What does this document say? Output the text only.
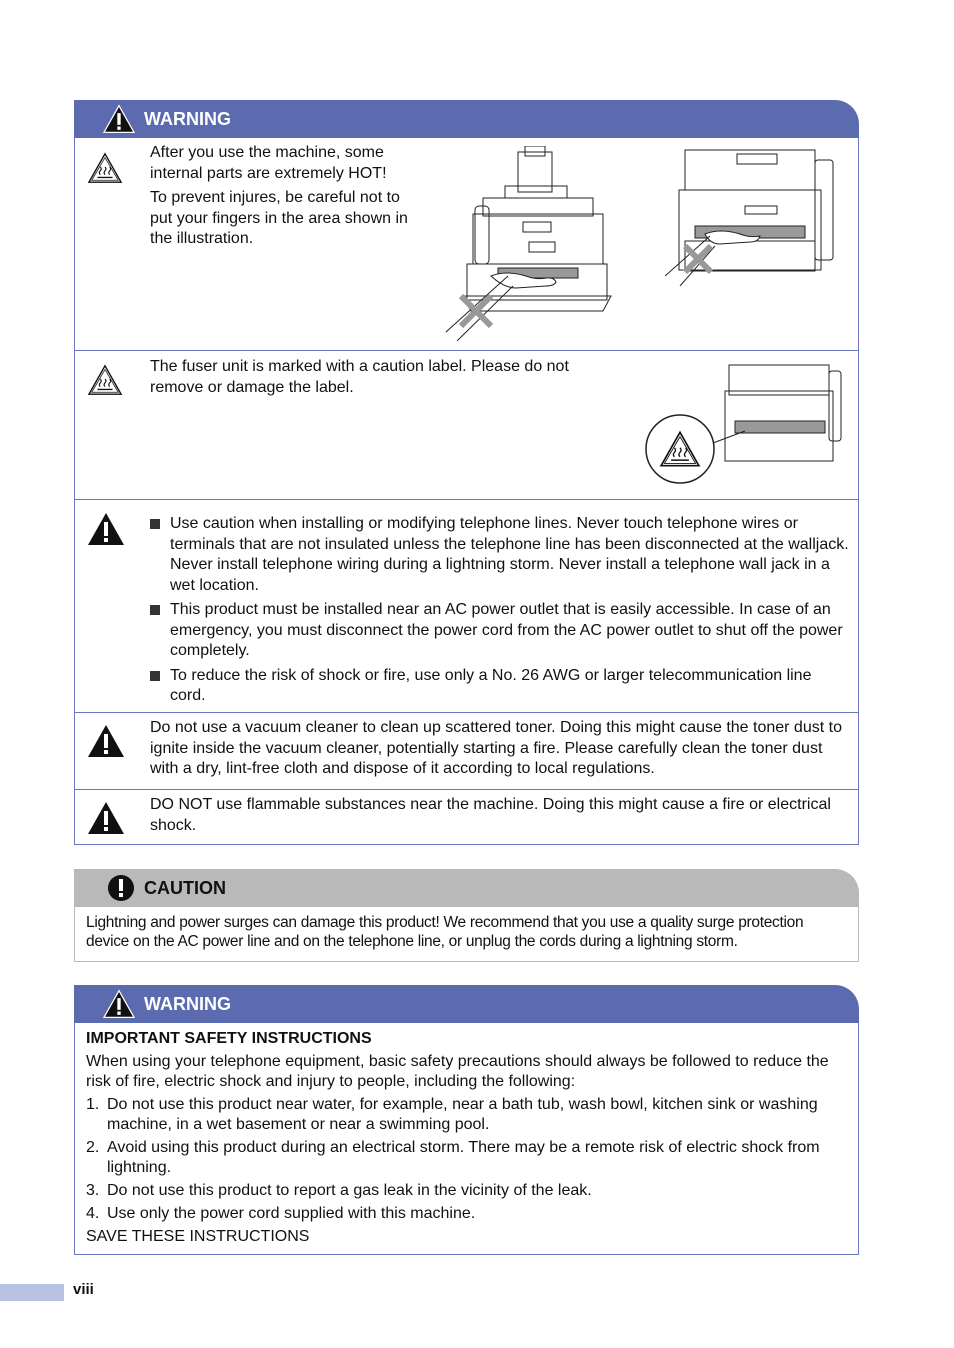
WARNING

After you use the machine, some internal parts are extremely HOT!

To prevent injures, be careful not to put your fingers in the area shown in the illustration.

The fuser unit is marked with a caution label. Please do not remove or damage the label.
Use caution when installing or modifying telephone lines. Never touch telephone wires or terminals that are not insulated unless the telephone line has been disconnected at the walljack. Never install telephone wiring during a lightning storm. Never install a telephone wall jack in a wet location.
This product must be installed near an AC power outlet that is easily accessible. In case of an emergency, you must disconnect the power cord from the AC power outlet to shut off the power completely.
To reduce the risk of shock or fire, use only a No. 26 AWG or larger telecommunication line cord.
Do not use a vacuum cleaner to clean up scattered toner. Doing this might cause the toner dust to ignite inside the vacuum cleaner, potentially starting a fire. Please carefully clean the toner dust with a dry, lint-free cloth and dispose of it according to local regulations.
DO NOT use flammable substances near the machine. Doing this might cause a fire or electrical shock.
CAUTION
Lightning and power surges can damage this product! We recommend that you use a quality surge protection device on the AC power line and on the telephone line, or unplug the cords during a lightning storm.
WARNING

IMPORTANT SAFETY INSTRUCTIONS

When using your telephone equipment, basic safety precautions should always be followed to reduce the risk of fire, electric shock and injury to people, including the following:

1. Do not use this product near water, for example, near a bath tub, wash bowl, kitchen sink or washing machine, in a wet basement or near a swimming pool.
2. Avoid using this product during an electrical storm. There may be a remote risk of electric shock from lightning.
3. Do not use this product to report a gas leak in the vicinity of the leak.
4. Use only the power cord supplied with this machine.

SAVE THESE INSTRUCTIONS

viii
